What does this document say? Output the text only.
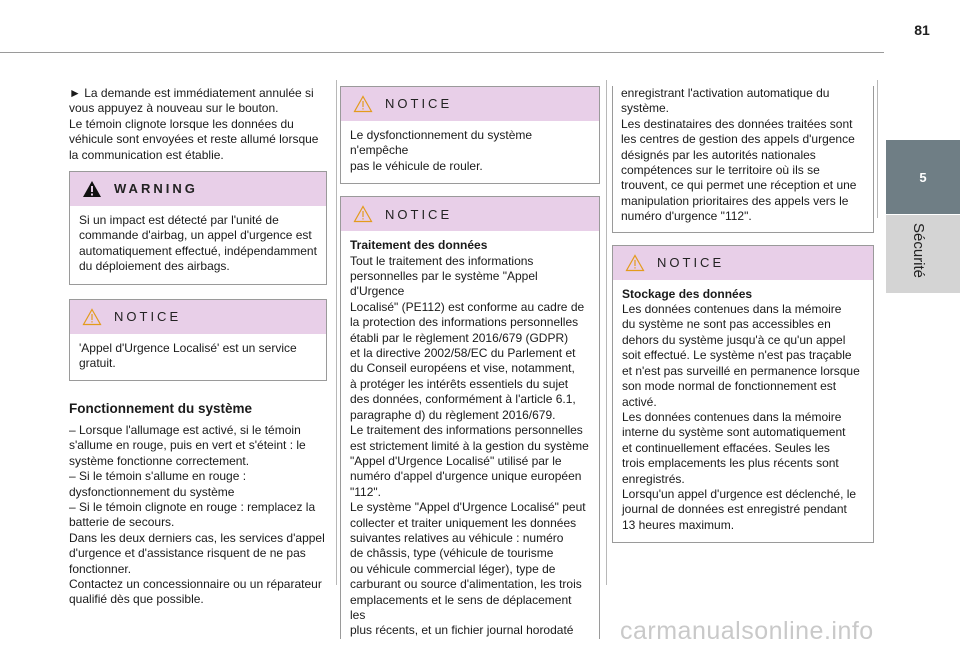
81
5
Sécurité

► La demande est immédiatement annulée si

vous appuyez à nouveau sur le bouton.

Le témoin clignote lorsque les données du

véhicule sont envoyées et reste allumé lorsque

la communication est établie.

WARNING

Si un impact est détecté par l'unité de

commande d'airbag, un appel d'urgence est

automatiquement effectué, indépendamment

du déploiement des airbags.

NOTICE

'Appel d'Urgence Localisé' est un service

gratuit.

Fonctionnement du système

– Lorsque l'allumage est activé, si le témoin

s'allume en rouge, puis en vert et s'éteint : le

système fonctionne correctement.

– Si le témoin s'allume en rouge :

dysfonctionnement du système

– Si le témoin clignote en rouge : remplacez la

batterie de secours.

Dans les deux derniers cas, les services d'appel

d'urgence et d'assistance risquent de ne pas

fonctionner.

Contactez un concessionnaire ou un réparateur

qualifié dès que possible.

NOTICE

Le dysfonctionnement du système n'empêche

pas le véhicule de rouler.

NOTICE

Traitement des données

Tout le traitement des informations

personnelles par le système "Appel d'Urgence

Localisé" (PE112) est conforme au cadre de

la protection des informations personnelles

établi par le règlement 2016/679 (GDPR)

et la directive 2002/58/EC du Parlement et

du Conseil européens et vise, notamment,

à protéger les intérêts essentiels du sujet

des données, conformément à l'article 6.1,

paragraphe d) du règlement 2016/679.

Le traitement des informations personnelles

est strictement limité à la gestion du système

"Appel d'Urgence Localisé" utilisé par le

numéro d'appel d'urgence unique européen

"112".

Le système "Appel d'Urgence Localisé" peut

collecter et traiter uniquement les données

suivantes relatives au véhicule : numéro

de châssis, type (véhicule de tourisme

ou véhicule commercial léger), type de

carburant ou source d'alimentation, les trois

emplacements et le sens de déplacement les

plus récents, et un fichier journal horodaté

enregistrant l'activation automatique du

système.

Les destinataires des données traitées sont

les centres de gestion des appels d'urgence

désignés par les autorités nationales

compétences sur le territoire où ils se

trouvent, ce qui permet une réception et une

manipulation prioritaires des appels vers le

numéro d'urgence "112".

NOTICE

Stockage des données

Les données contenues dans la mémoire

du système ne sont pas accessibles en

dehors du système jusqu'à ce qu'un appel

soit effectué. Le système n'est pas traçable

et n'est pas surveillé en permanence lorsque

son mode normal de fonctionnement est

activé.

Les données contenues dans la mémoire

interne du système sont automatiquement

et continuellement effacées. Seules les

trois emplacements les plus récents sont

enregistrés.

Lorsqu'un appel d'urgence est déclenché, le

journal de données est enregistré pendant

13 heures maximum.

carmanualsonline.info
